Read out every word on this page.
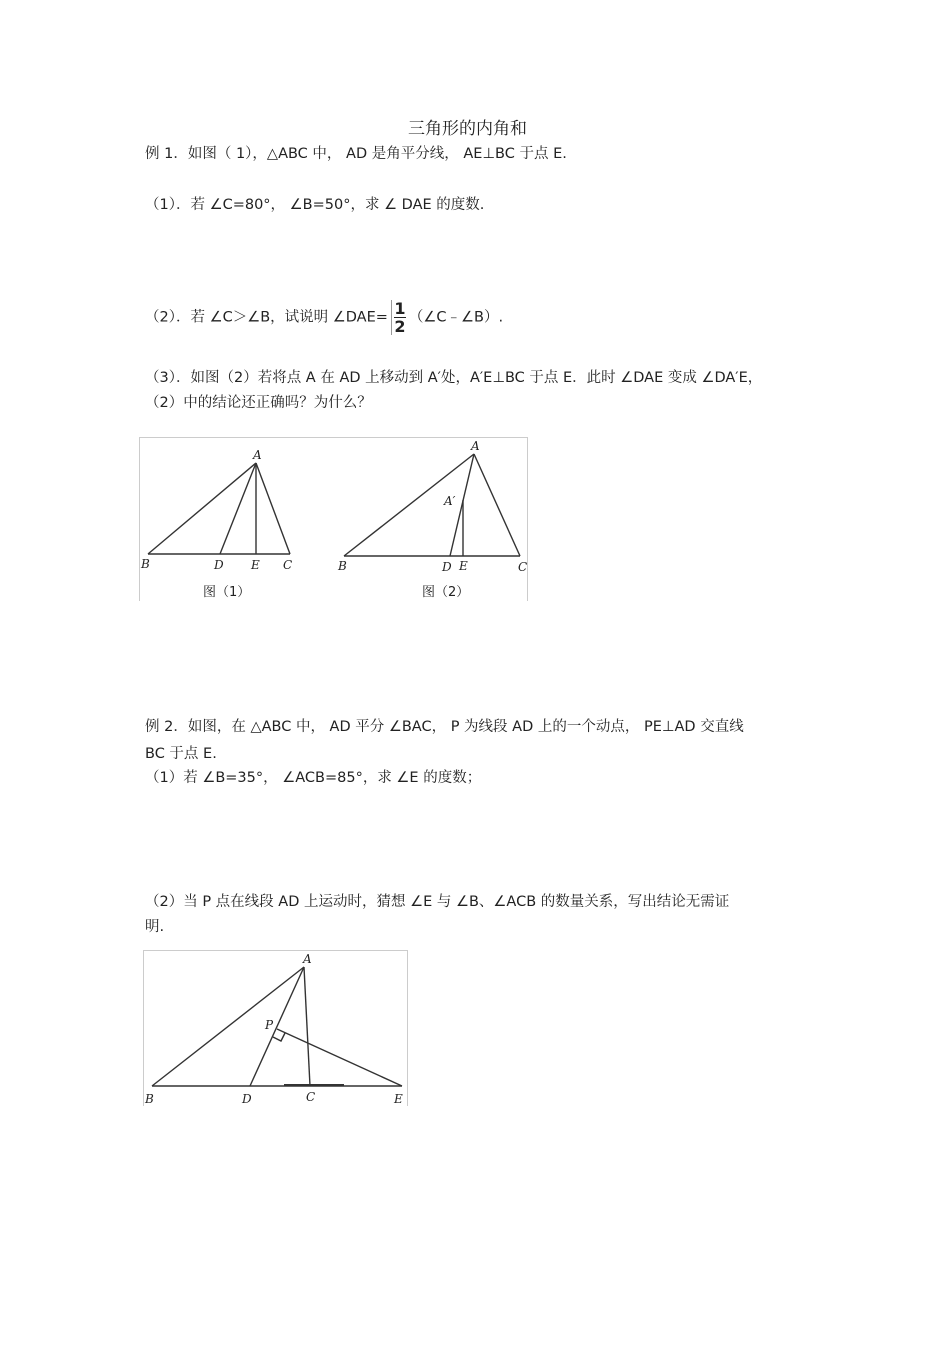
三角形的内角和
例 1．如图（ 1），△ABC 中， AD 是角平分线， AE⊥BC 于点 E.
（1）．若 ∠C=80°， ∠B=50°，求 ∠ DAE 的度数.
（2）．若 ∠C＞∠B，试说明 ∠DAE= $\frac{1}{2}$ （∠C﹣∠B）.
（3）．如图（2）若将点 A 在 AD 上移动到 A′处，A′E⊥BC 于点 E．此时 ∠DAE 变成 ∠DA′E，
（2）中的结论还正确吗？为什么？
A
B	D E C
图（1）
A
A′
B	D E	C
图（2）
例 2．如图，在 △ABC 中， AD 平分 ∠BAC， P 为线段 AD 上的一个动点， PE⊥AD 交直线
BC 于点 E.
（1）若 ∠B=35°， ∠ACB=85°，求 ∠E 的度数；
（2）当 P 点在线段 AD 上运动时，猜想 ∠E 与 ∠B、∠ACB 的数量关系，写出结论无需证
明.
A
P
B	D	C	E
